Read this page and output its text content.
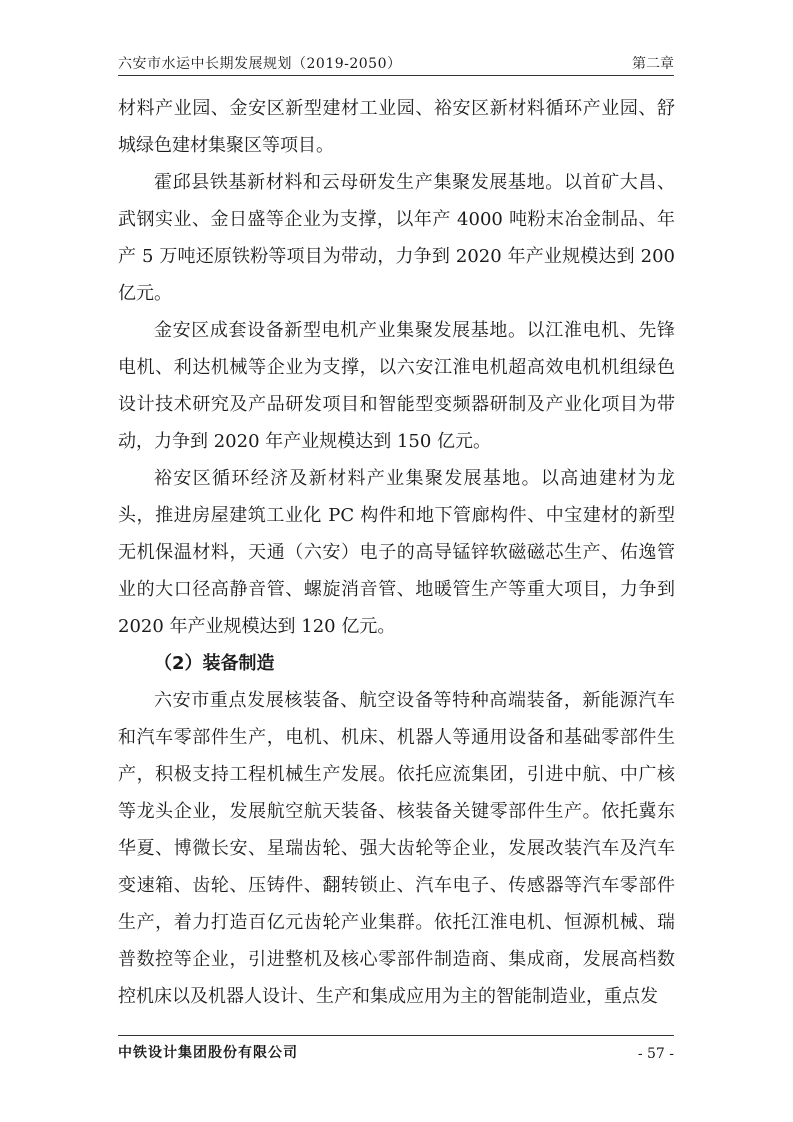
六安市水运中长期发展规划（2019-2050）	第二章

材料产业园、金安区新型建材工业园、裕安区新材料循环产业园、舒城绿色建材集聚区等项目。

霍邱县铁基新材料和云母研发生产集聚发展基地。以首矿大昌、武钢实业、金日盛等企业为支撑，以年产 4000 吨粉末冶金制品、年产 5 万吨还原铁粉等项目为带动，力争到 2020 年产业规模达到 200 亿元。

金安区成套设备新型电机产业集聚发展基地。以江淮电机、先锋电机、利达机械等企业为支撑，以六安江淮电机超高效电机机组绿色设计技术研究及产品研发项目和智能型变频器研制及产业化项目为带动，力争到 2020 年产业规模达到 150 亿元。

裕安区循环经济及新材料产业集聚发展基地。以高迪建材为龙头，推进房屋建筑工业化 PC 构件和地下管廊构件、中宝建材的新型无机保温材料，天通（六安）电子的高导锰锌软磁磁芯生产、佑逸管业的大口径高静音管、螺旋消音管、地暖管生产等重大项目，力争到 2020 年产业规模达到 120 亿元。

（2）装备制造

六安市重点发展核装备、航空设备等特种高端装备，新能源汽车和汽车零部件生产，电机、机床、机器人等通用设备和基础零部件生产，积极支持工程机械生产发展。依托应流集团，引进中航、中广核等龙头企业，发展航空航天装备、核装备关键零部件生产。依托冀东华夏、博微长安、星瑞齿轮、强大齿轮等企业，发展改装汽车及汽车变速箱、齿轮、压铸件、翻转锁止、汽车电子、传感器等汽车零部件生产，着力打造百亿元齿轮产业集群。依托江淮电机、恒源机械、瑞普数控等企业，引进整机及核心零部件制造商、集成商，发展高档数控机床以及机器人设计、生产和集成应用为主的智能制造业，重点发

中铁设计集团股份有限公司	- 57 -
